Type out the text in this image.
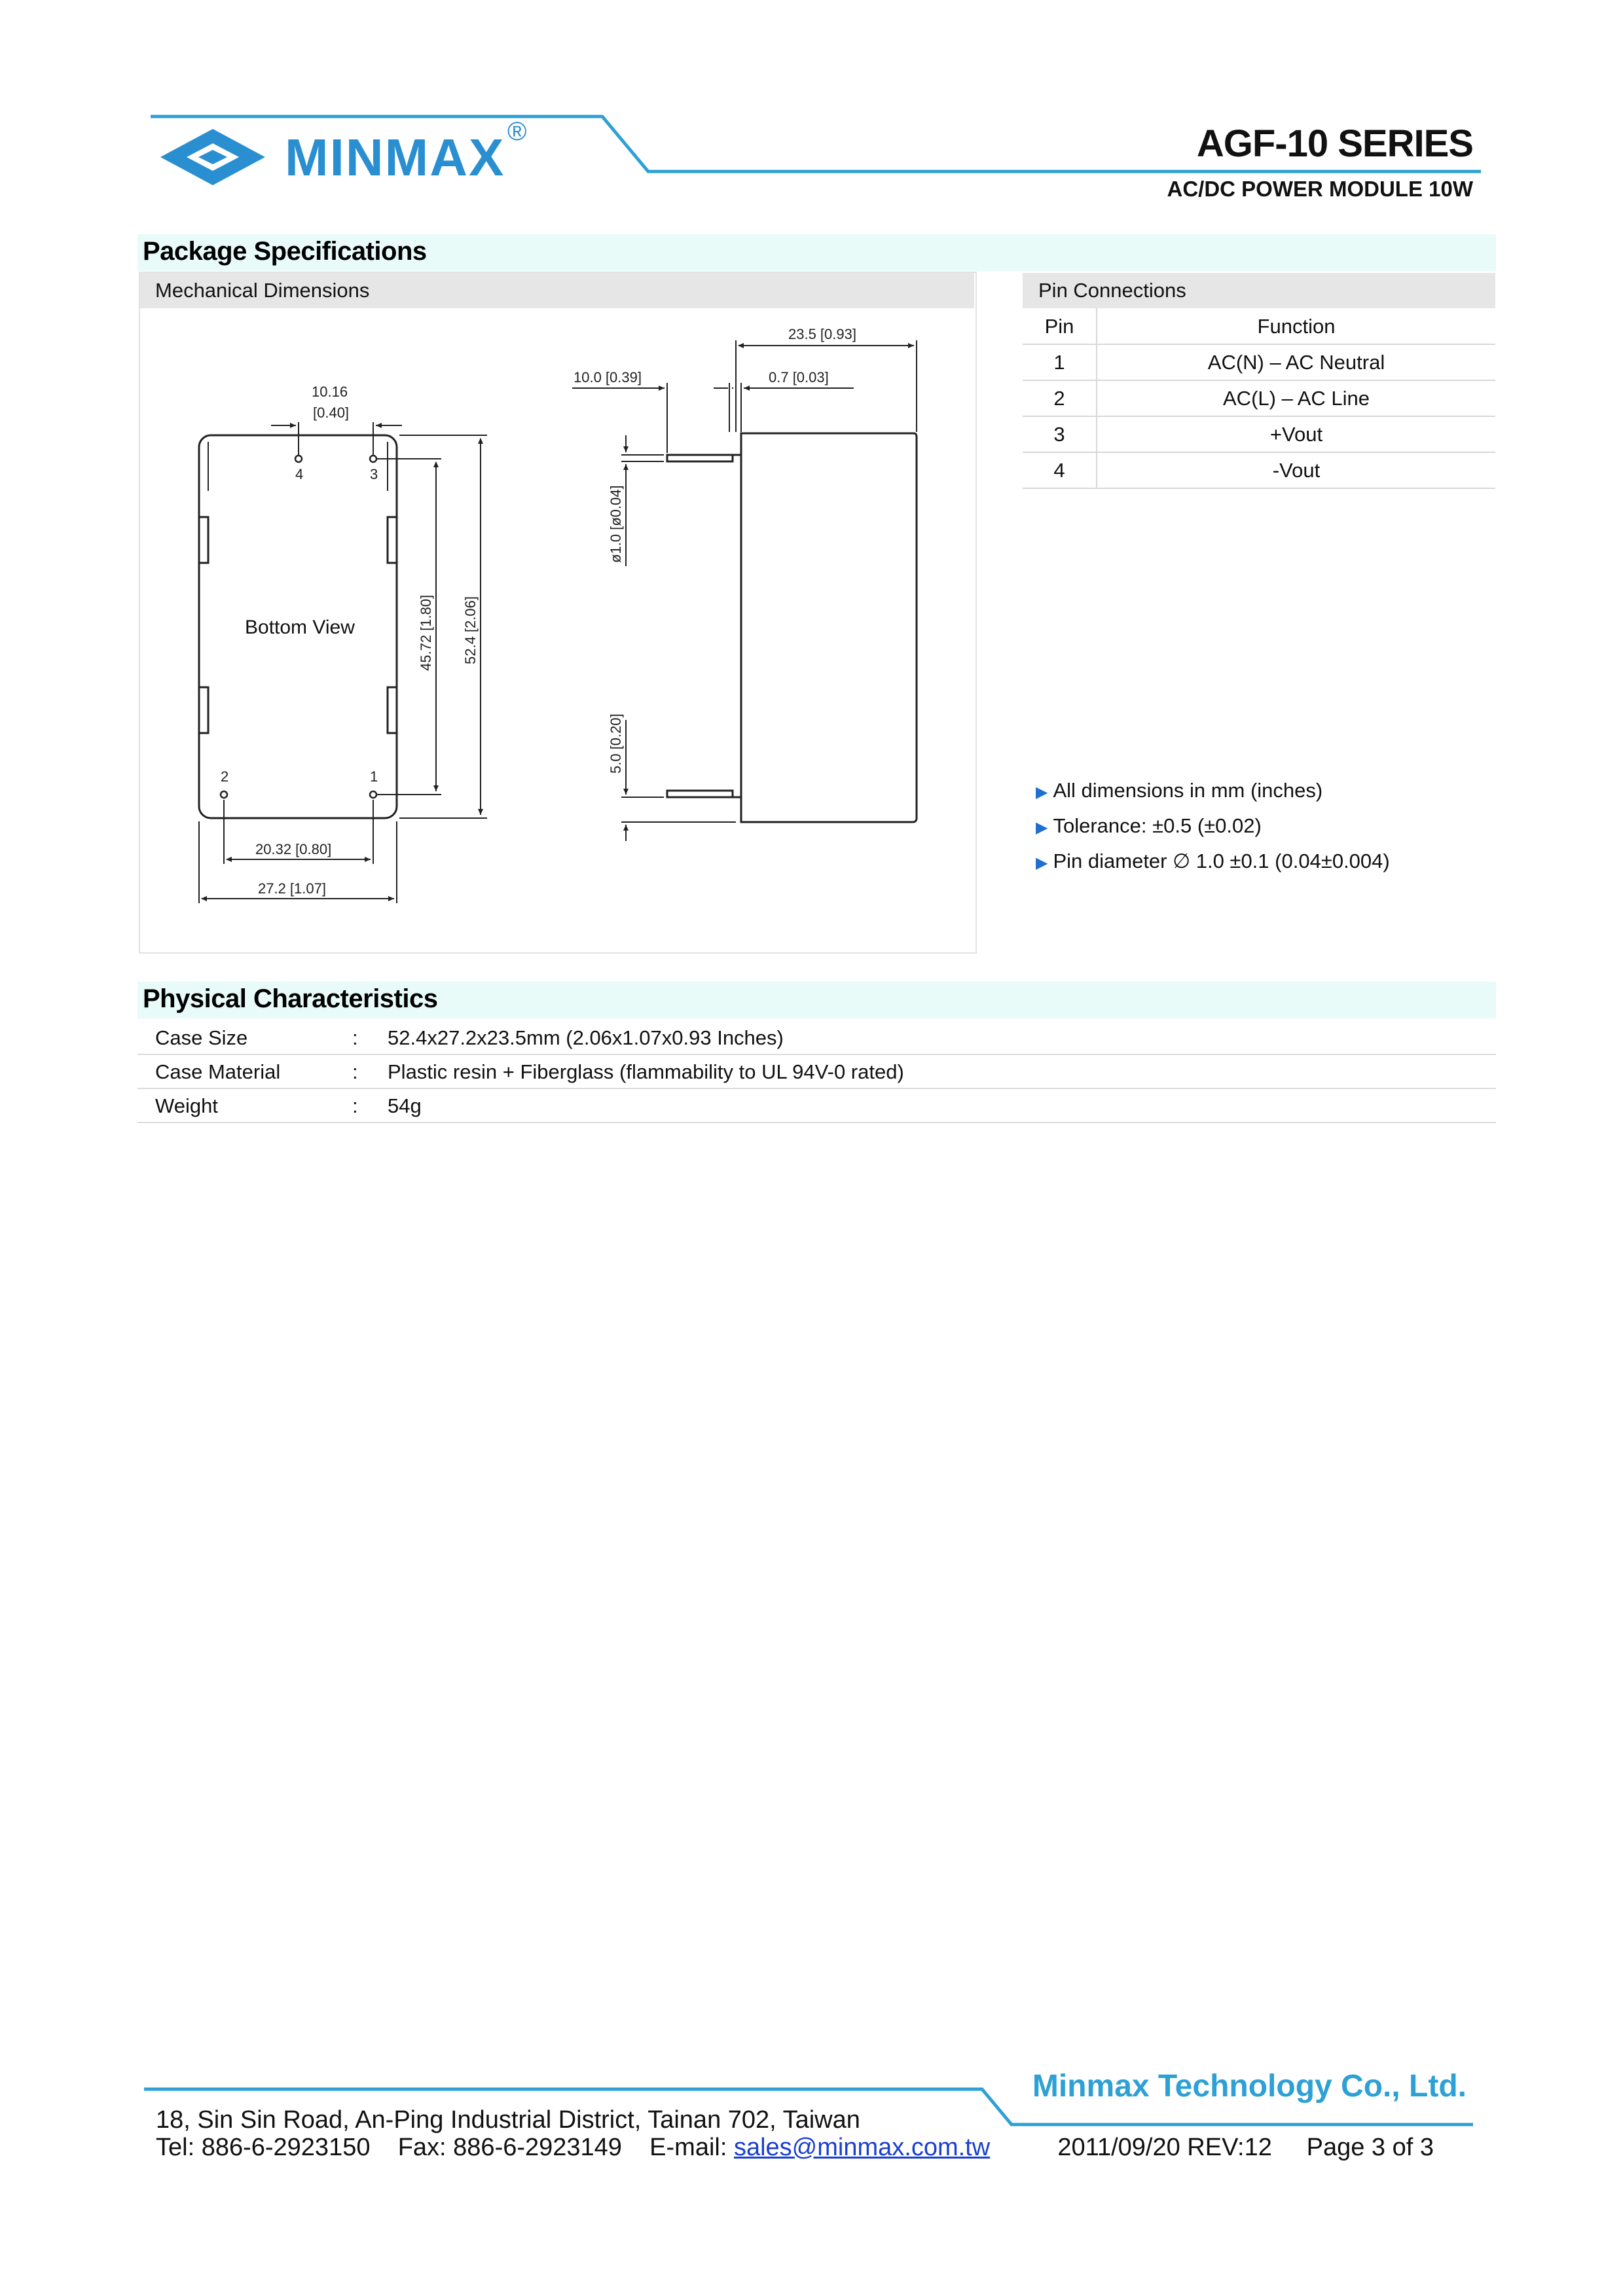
MINMAX ®	AGF-10 SERIES
AC/DC POWER MODULE 10W
Package Specifications
Mechanical Dimensions
4	3
2	1
Bottom View
10.16
[0.40]
20.32 [0.80]
27.2 [1.07]
45.72 [1.80] 52.4 [2.06]
23.5 [0.93]
10.0 [0.39]	0.7 [0.03]
ø1.0 [ø0.04]
5.0 [0.20]
Pin Connections
Pin	Function
1	AC(N) – AC Neutral
2	AC(L) – AC Line
3	+Vout
4	-Vout
▶ All dimensions in mm (inches)
▶ Tolerance: ±0.5 (±0.02)
▶ Pin diameter ∅ 1.0 ±0.1 (0.04±0.004)
Physical Characteristics
Case Size	: 52.4x27.2x23.5mm (2.06x1.07x0.93 Inches)
Case Material	: Plastic resin + Fiberglass (flammability to UL 94V-0 rated)
Weight	: 54g
Minmax Technology Co., Ltd.
18, Sin Sin Road, An-Ping Industrial District, Tainan 702, Taiwan
Tel: 886-6-2923150    Fax: 886-6-2923149    E-mail: sales@minmax.com.tw	2011/09/20 REV:12     Page 3 of 3
